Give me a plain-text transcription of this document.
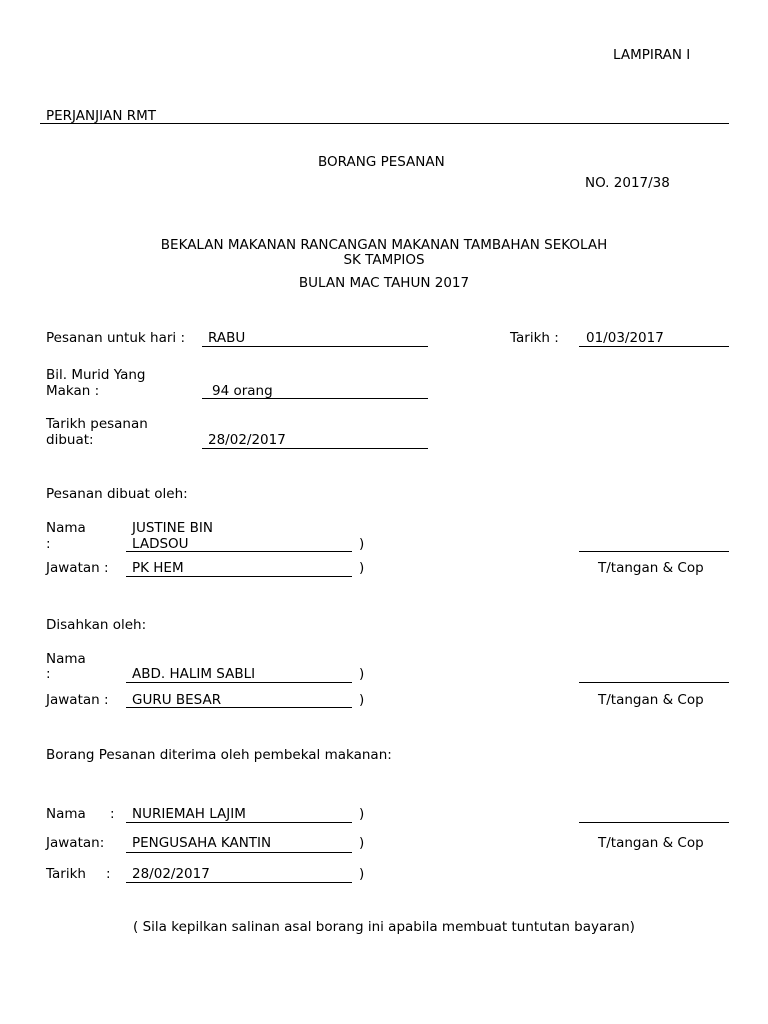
LAMPIRAN I
PERJANJIAN RMT
BORANG PESANAN
NO. 2017/38
BEKALAN MAKANAN RANCANGAN MAKANAN TAMBAHAN SEKOLAH
SK TAMPIOS
BULAN MAC TAHUN 2017
Pesanan untuk hari : RABU	Tarikh : 01/03/2017
Bil. Murid Yang
Makan :	94 orang
Tarikh pesanan
dibuat:	28/02/2017
Pesanan dibuat oleh:
Nama
:
JUSTINE BIN
LADSOU	)
Jawatan : PK HEM	)	T/tangan & Cop
Disahkan oleh:
Nama
:	ABD. HALIM SABLI	)
Jawatan : GURU BESAR	)	T/tangan & Cop
Borang Pesanan diterima oleh pembekal makanan:
Nama : NURIEMAH LAJIM	)
Jawatan: PENGUSAHA KANTIN	)	T/tangan & Cop
Tarikh : 28/02/2017	)
( Sila kepilkan salinan asal borang ini apabila membuat tuntutan bayaran)
